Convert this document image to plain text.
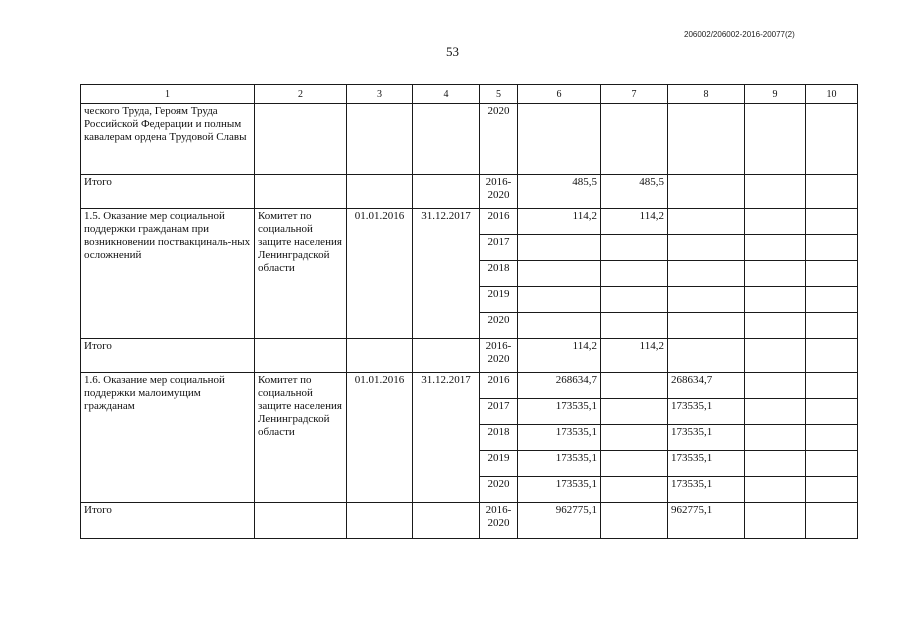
206002/206002-2016-20077(2)
53
1	2	3	4	5	6	7	8	9	10
ческого Труда, Героям Труда Российской Федерации и полным кавалерам ордена Трудовой Славы				2020					
Итого				2016-2020	485,5	485,5			
1.5. Оказание мер социальной поддержки гражданам при возникновении поствакциналь-ных осложнений	Комитет по социальной защите населения Ленинградской области	01.01.2016	31.12.2017	2016	114,2	114,2			
				2017					
				2018					
				2019					
				2020					
Итого				2016-2020	114,2	114,2			
1.6. Оказание мер социальной поддержки малоимущим гражданам	Комитет по социальной защите населения Ленинградской области	01.01.2016	31.12.2017	2016	268634,7		268634,7		
				2017	173535,1		173535,1		
				2018	173535,1		173535,1		
				2019	173535,1		173535,1		
				2020	173535,1		173535,1		
Итого				2016-2020	962775,1		962775,1		
